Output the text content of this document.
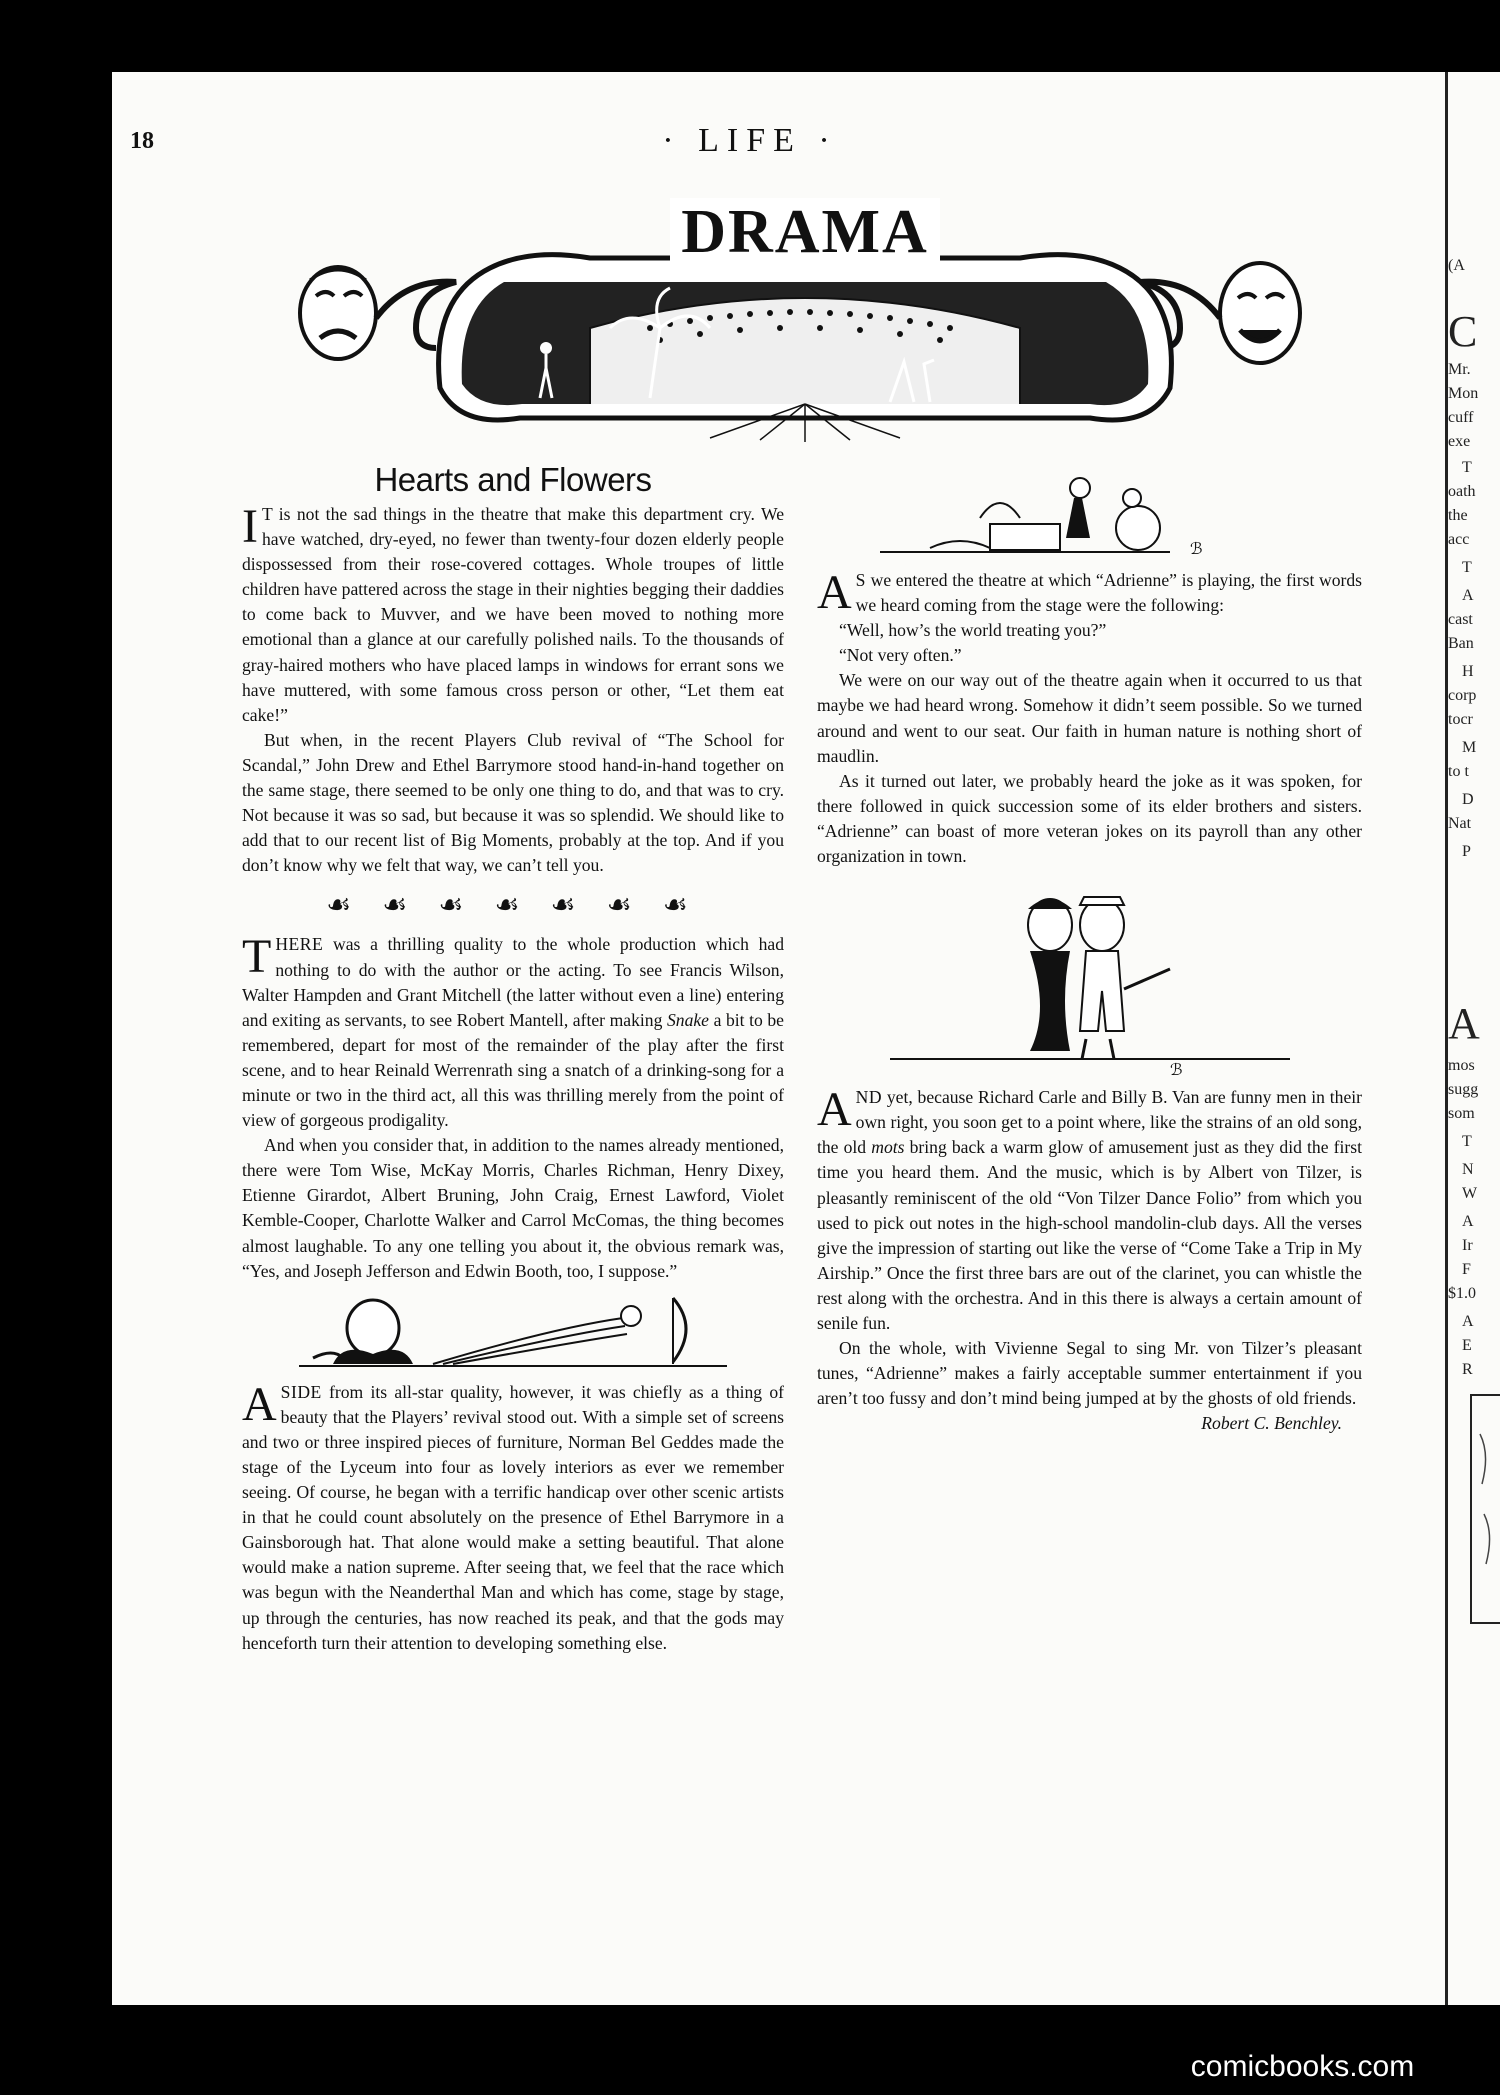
(A
C
Mr.
Mon
cuff
exe
T
oath
the
acc
T
A
cast
Ban
H
corp
tocr
M
to t
D
Nat
P
A
mos
sugg
som
T
N
W
A
Ir
F
$1.0
A
E
R
18	· LIFE ·
DRAMA
Hearts and Flowers

I T is not the sad things in the theatre that make this department cry. We have watched, dry-eyed, no fewer than twenty-four dozen elderly people dispossessed from their rose-covered cottages. Whole troupes of little children have pattered across the stage in their nighties begging their daddies to come back to Muvver, and we have been moved to nothing more emotional than a glance at our carefully polished nails. To the thousands of gray-haired mothers who have placed lamps in windows for errant sons we have muttered, with some famous cross person or other, “Let them eat cake!”

But when, in the recent Players Club revival of “The School for Scandal,” John Drew and Ethel Barrymore stood hand-in-hand together on the same stage, there seemed to be only one thing to do, and that was to cry. Not because it was so sad, but because it was so splendid. We should like to add that to our recent list of Big Moments, probably at the top. And if you don’t know why we felt that way, we can’t tell you.

☙ ☙ ☙ ☙ ☙ ☙ ☙

THERE was a thrilling quality to the whole production which had nothing to do with the author or the acting. To see Francis Wilson, Walter Hampden and Grant Mitchell (the latter without even a line) entering and exiting as servants, to see Robert Mantell, after making Snake a bit to be remembered, depart for most of the remainder of the play after the first scene, and to hear Reinald Werrenrath sing a snatch of a drinking-song for a minute or two in the third act, all this was thrilling merely from the point of view of gorgeous prodigality.

And when you consider that, in addition to the names already mentioned, there were Tom Wise, McKay Morris, Charles Richman, Henry Dixey, Etienne Girardot, Albert Bruning, John Craig, Ernest Lawford, Violet Kemble-Cooper, Charlotte Walker and Carrol McComas, the thing becomes almost laughable. To any one telling you about it, the obvious remark was, “Yes, and Joseph Jefferson and Edwin Booth, too, I suppose.”

ASIDE from its all-star quality, however, it was chiefly as a thing of beauty that the Players’ revival stood out. With a simple set of screens and two or three inspired pieces of furniture, Norman Bel Geddes made the stage of the Lyceum into four as lovely interiors as ever we remember seeing. Of course, he began with a terrific handicap over other scenic artists in that he could count absolutely on the presence of Ethel Barrymore in a Gainsborough hat. That alone would make a setting beautiful. That alone would make a nation supreme. After seeing that, we feel that the race which was begun with the Neanderthal Man and which has come, stage by stage, up through the centuries, has now reached its peak, and that the gods may henceforth turn their attention to developing something else.

ℬ

A S we entered the theatre at which “Adrienne” is playing, the first words we heard coming from the stage were the following:

“Well, how’s the world treating you?”

“Not very often.”

We were on our way out of the theatre again when it occurred to us that maybe we had heard wrong. Somehow it didn’t seem possible. So we turned around and went to our seat. Our faith in human nature is nothing short of maudlin.

As it turned out later, we probably heard the joke as it was spoken, for there followed in quick succession some of its elder brothers and sisters. “Adrienne” can boast of more veteran jokes on its payroll than any other organization in town.

ℬ

AND yet, because Richard Carle and Billy B. Van are funny men in their own right, you soon get to a point where, like the strains of an old song, the old mots bring back a warm glow of amusement just as they did the first time you heard them. And the music, which is by Albert von Tilzer, is pleasantly reminiscent of the old “Von Tilzer Dance Folio” from which you used to pick out notes in the high-school mandolin-club days. All the verses give the impression of starting out like the verse of “Come Take a Trip in My Airship.” Once the first three bars are out of the clarinet, you can whistle the rest along with the orchestra. And in this there is always a certain amount of senile fun.

On the whole, with Vivienne Segal to sing Mr. von Tilzer’s pleasant tunes, “Adrienne” makes a fairly acceptable summer entertainment if you aren’t too fussy and don’t mind being jumped at by the ghosts of old friends.

Robert C. Benchley.

comicbooks.com
